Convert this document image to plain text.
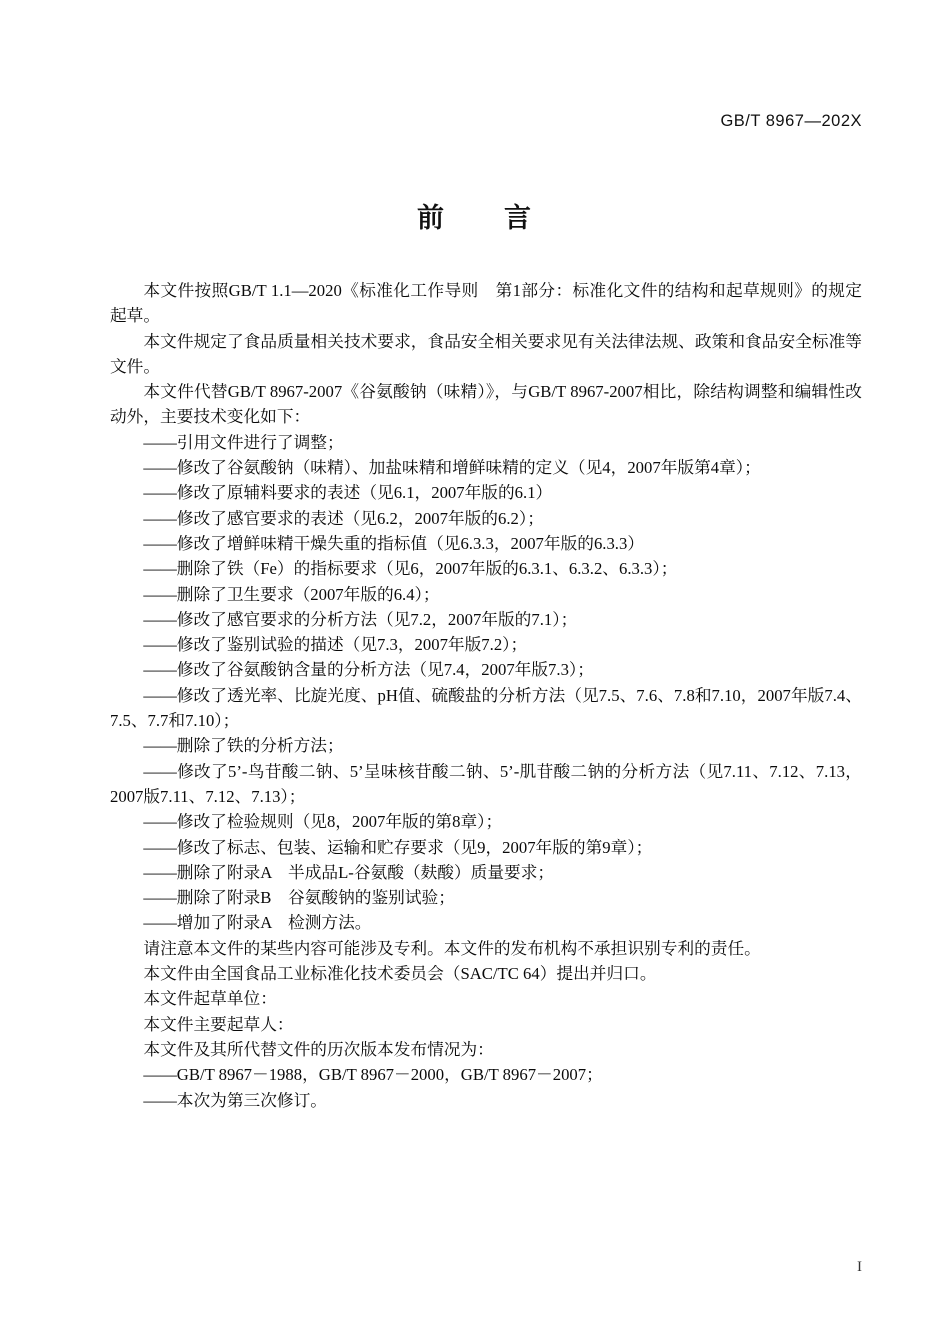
GB/T 8967—202X
前　　言

本文件按照GB/T 1.1—2020《标准化工作导则　第1部分：标准化文件的结构和起草规则》的规定起草。

本文件规定了食品质量相关技术要求，食品安全相关要求见有关法律法规、政策和食品安全标准等文件。

本文件代替GB/T 8967-2007《谷氨酸钠（味精）》，与GB/T 8967-2007相比，除结构调整和编辑性改动外，主要技术变化如下：

——引用文件进行了调整；

——修改了谷氨酸钠（味精）、加盐味精和增鲜味精的定义（见4，2007年版第4章）；

——修改了原辅料要求的表述（见6.1，2007年版的6.1）

——修改了感官要求的表述（见6.2，2007年版的6.2）；

——修改了增鲜味精干燥失重的指标值（见6.3.3，2007年版的6.3.3）

——删除了铁（Fe）的指标要求（见6，2007年版的6.3.1、6.3.2、6.3.3）；

——删除了卫生要求（2007年版的6.4）；

——修改了感官要求的分析方法（见7.2，2007年版的7.1）；

——修改了鉴别试验的描述（见7.3，2007年版7.2）；

——修改了谷氨酸钠含量的分析方法（见7.4，2007年版7.3）；

——修改了透光率、比旋光度、pH值、硫酸盐的分析方法（见7.5、7.6、7.8和7.10，2007年版7.4、7.5、7.7和7.10）；

——删除了铁的分析方法；

——修改了5’-鸟苷酸二钠、5’呈味核苷酸二钠、5’-肌苷酸二钠的分析方法（见7.11、7.12、7.13，2007版7.11、7.12、7.13）；

——修改了检验规则（见8，2007年版的第8章）；

——修改了标志、包装、运输和贮存要求（见9，2007年版的第9章）；

——删除了附录A　半成品L-谷氨酸（麸酸）质量要求；

——删除了附录B　谷氨酸钠的鉴别试验；

——增加了附录A　检测方法。

请注意本文件的某些内容可能涉及专利。本文件的发布机构不承担识别专利的责任。

本文件由全国食品工业标准化技术委员会（SAC/TC 64）提出并归口。

本文件起草单位：

本文件主要起草人：

本文件及其所代替文件的历次版本发布情况为：

——GB/T 8967－1988，GB/T 8967－2000，GB/T 8967－2007；

——本次为第三次修订。

I
